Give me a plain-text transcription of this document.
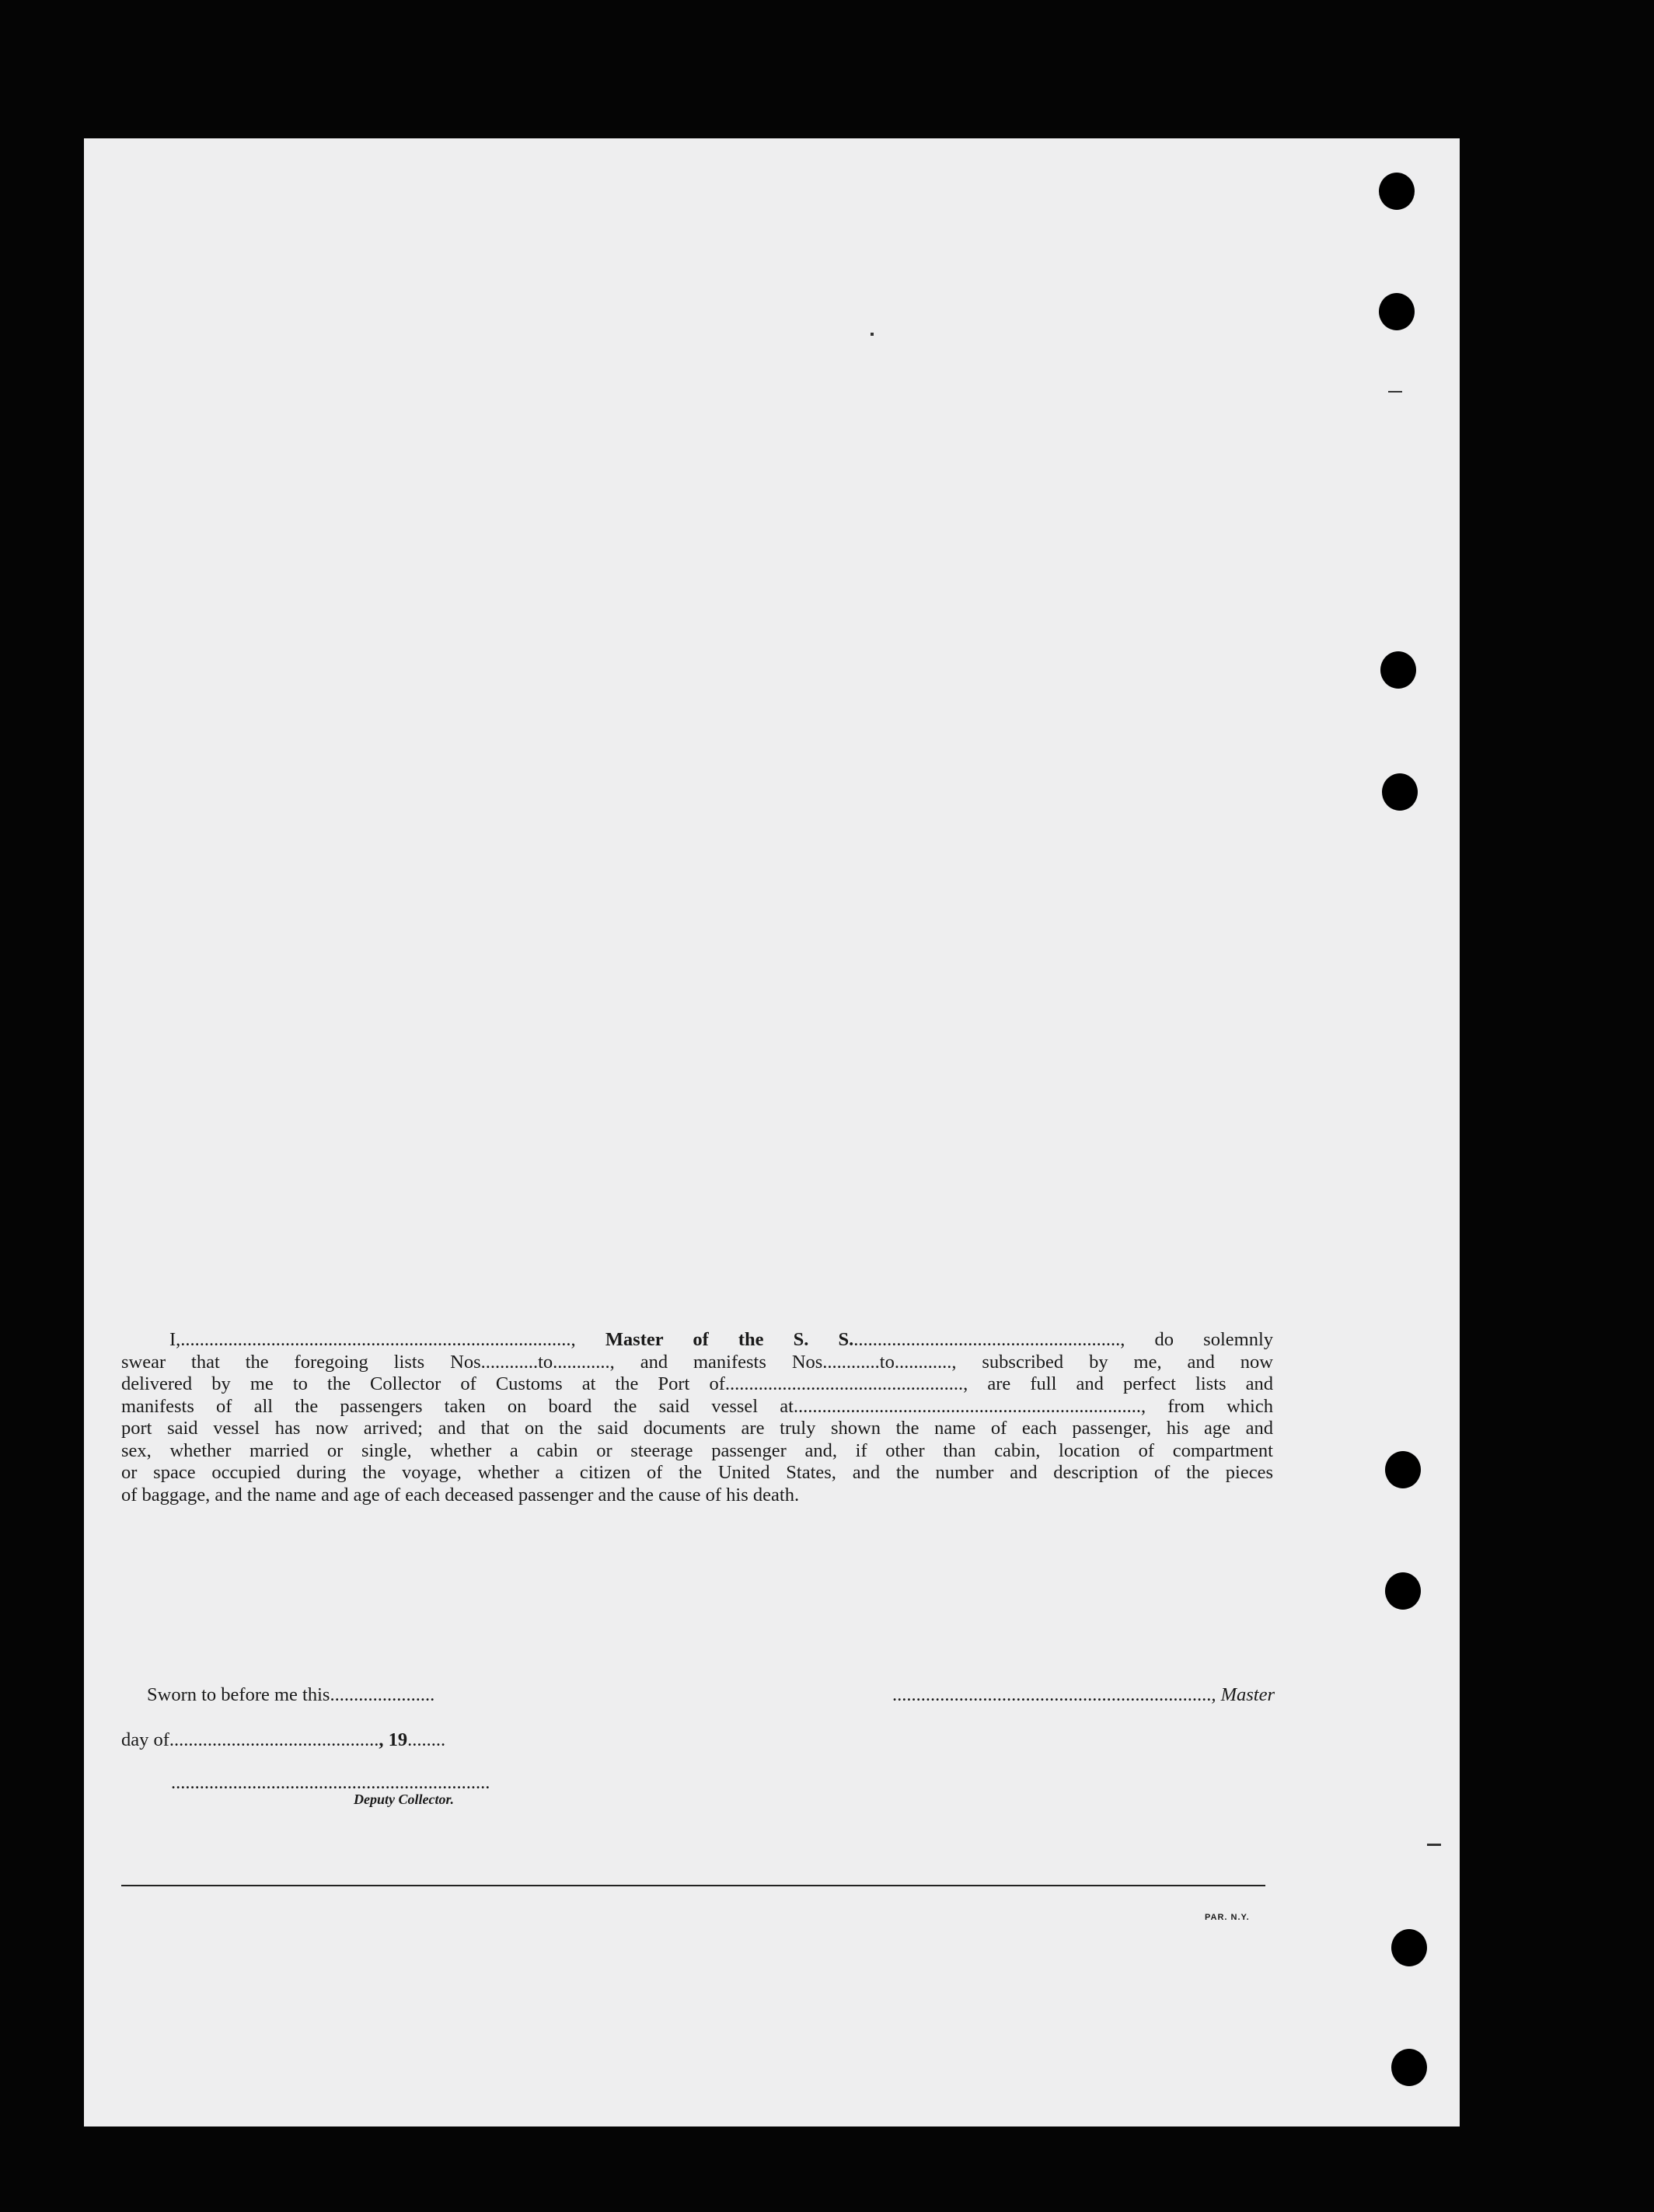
I,.................................................................................., Master of the S. S........................................................., do solemnly
swear that the foregoing lists Nos............to............, and manifests Nos............to............, subscribed by me, and now
delivered by me to the Collector of Customs at the Port of.................................................., are full and perfect lists and
manifests of all the passengers taken on board the said vessel at........................................................................., from which
port said vessel has now arrived; and that on the said documents are truly shown the name of each passenger, his age and
sex, whether married or single, whether a cabin or steerage passenger and, if other than cabin, location of compartment
or space occupied during the voyage, whether a citizen of the United States, and the number and description of the pieces
of baggage, and the name and age of each deceased passenger and the cause of his death.
Sworn to before me this......................	..................................................................., Master
day of............................................, 19........
...................................................................
Deputy Collector.
PAR. N.Y.
